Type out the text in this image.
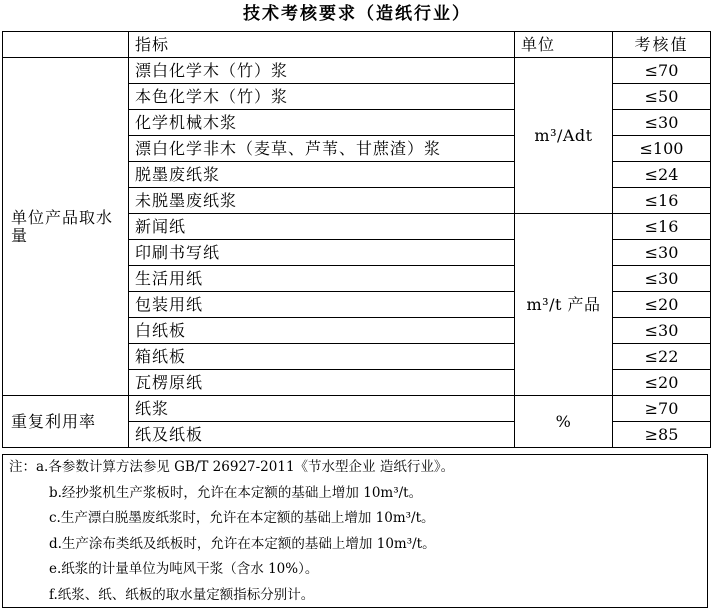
技术考核要求（造纸行业）
	指标	单位	考核值
单位产品取水量	漂白化学木（竹）浆	m³/Adt	≤70
	本色化学木（竹）浆		≤50
	化学机械木浆		≤30
	漂白化学非木（麦草、芦苇、甘蔗渣）浆		≤100
	脱墨废纸浆		≤24
	未脱墨废纸浆		≤16
	新闻纸	m³/t 产品	≤16
	印刷书写纸		≤30
	生活用纸		≤30
	包装用纸		≤20
	白纸板		≤30
	箱纸板		≤22
	瓦楞原纸		≤20
重复利用率	纸浆	%	≥70
	纸及纸板		≥85
注：a.各参数计算方法参见 GB/T 26927-2011《节水型企业 造纸行业》。
b.经抄浆机生产浆板时，允许在本定额的基础上增加 10m³/t。
c.生产漂白脱墨废纸浆时，允许在本定额的基础上增加 10m³/t。
d.生产涂布类纸及纸板时，允许在本定额的基础上增加 10m³/t。
e.纸浆的计量单位为吨风干浆（含水 10%）。
f.纸浆、纸、纸板的取水量定额指标分别计。
